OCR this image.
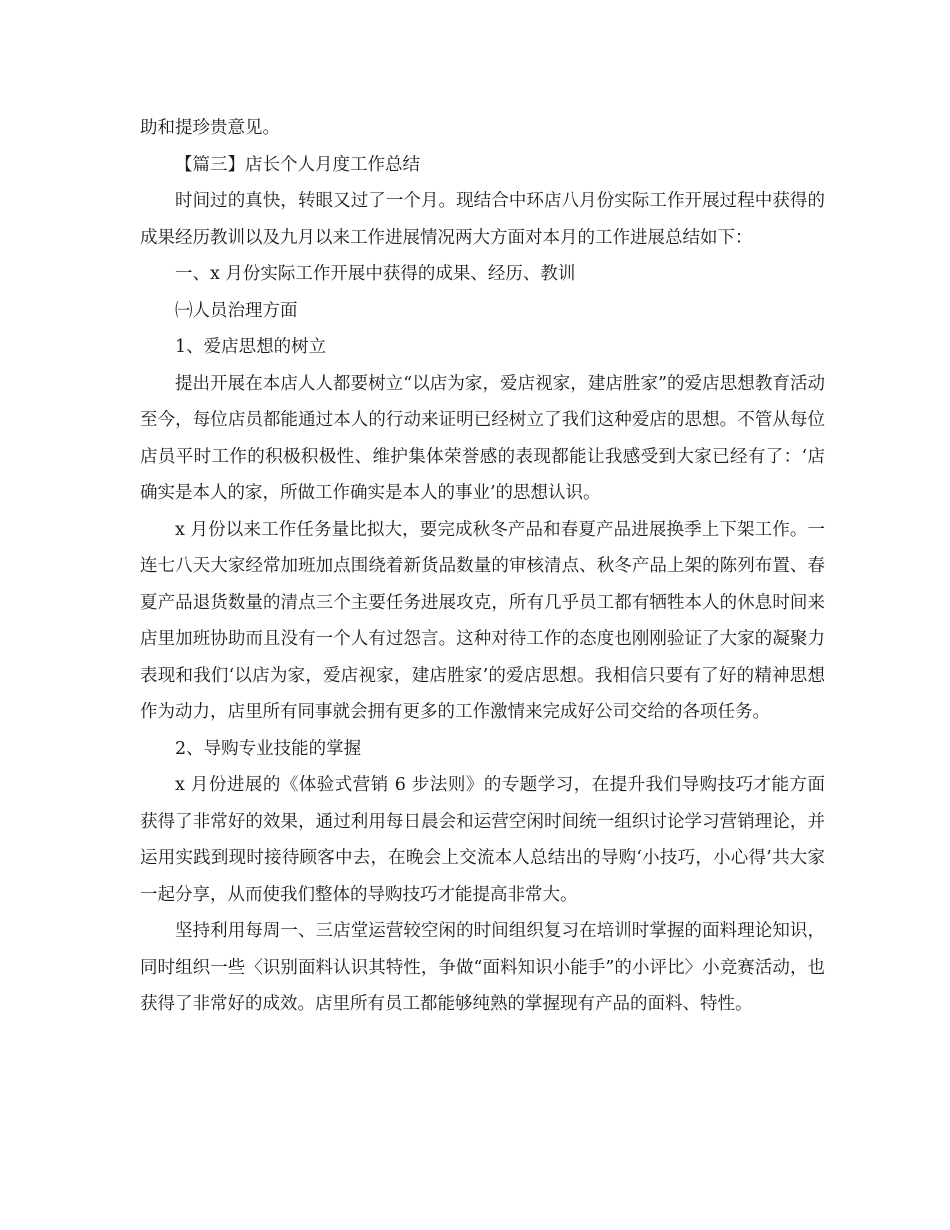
助和提珍贵意见。

【篇三】店长个人月度工作总结

时间过的真快，转眼又过了一个月。现结合中环店八月份实际工作开展过程中获得的成果经历教训以及九月以来工作进展情况两大方面对本月的工作进展总结如下：

一、x 月份实际工作开展中获得的成果、经历、教训

㈠人员治理方面

1、爱店思想的树立

提出开展在本店人人都要树立“以店为家，爱店视家，建店胜家”的爱店思想教育活动至今，每位店员都能通过本人的行动来证明已经树立了我们这种爱店的思想。不管从每位店员平时工作的积极积极性、维护集体荣誉感的表现都能让我感受到大家已经有了：‘店确实是本人的家，所做工作确实是本人的事业’的思想认识。

x 月份以来工作任务量比拟大，要完成秋冬产品和春夏产品进展换季上下架工作。一连七八天大家经常加班加点围绕着新货品数量的审核清点、秋冬产品上架的陈列布置、春夏产品退货数量的清点三个主要任务进展攻克，所有几乎员工都有牺牲本人的休息时间来店里加班协助而且没有一个人有过怨言。这种对待工作的态度也刚刚验证了大家的凝聚力表现和我们‘以店为家，爱店视家，建店胜家’的爱店思想。我相信只要有了好的精神思想作为动力，店里所有同事就会拥有更多的工作激情来完成好公司交给的各项任务。

2、导购专业技能的掌握

x 月份进展的《体验式营销 6 步法则》的专题学习，在提升我们导购技巧才能方面获得了非常好的效果，通过利用每日晨会和运营空闲时间统一组织讨论学习营销理论，并运用实践到现时接待顾客中去，在晚会上交流本人总结出的导购‘小技巧，小心得’共大家一起分享，从而使我们整体的导购技巧才能提高非常大。

坚持利用每周一、三店堂运营较空闲的时间组织复习在培训时掌握的面料理论知识，同时组织一些〈识别面料认识其特性，争做“面料知识小能手”的小评比〉小竞赛活动，也获得了非常好的成效。店里所有员工都能够纯熟的掌握现有产品的面料、特性。
